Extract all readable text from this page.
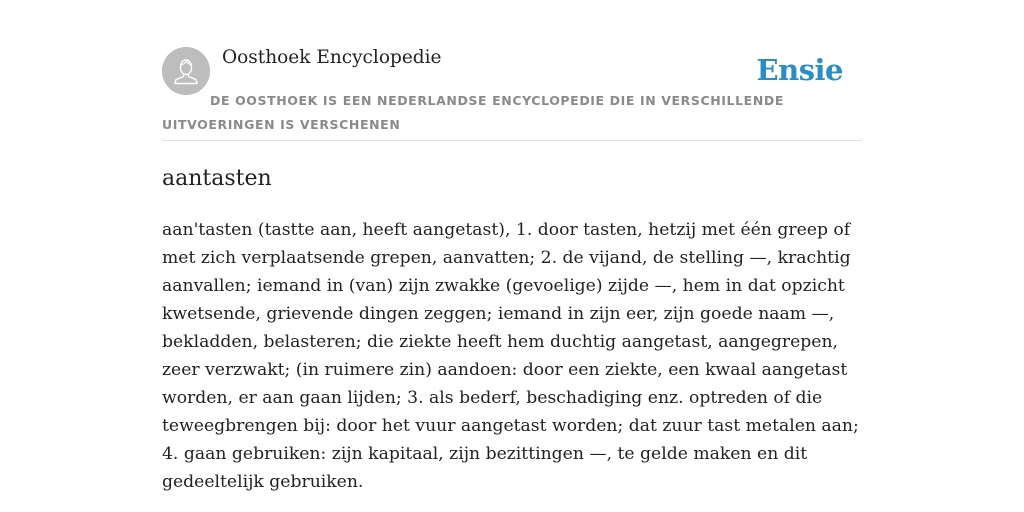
Oosthoek Encyclopedie	Ensie
DE OOSTHOEK IS EEN NEDERLANDSE ENCYCLOPEDIE DIE IN VERSCHILLENDE UITVOERINGEN IS VERSCHENEN
aantasten

aan'tasten (tastte aan, heeft aangetast), 1. door tasten, hetzij met één greep of met zich verplaatsende grepen, aanvatten; 2. de vijand, de stelling —, krachtig aanvallen; iemand in (van) zijn zwakke (gevoelige) zijde —, hem in dat opzicht kwetsende, grievende dingen zeggen; iemand in zijn eer, zijn goede naam —, bekladden, belasteren; die ziekte heeft hem duchtig aangetast, aangegrepen, zeer verzwakt; (in ruimere zin) aandoen: door een ziekte, een kwaal aangetast worden, er aan gaan lijden; 3. als bederf, beschadiging enz. optreden of die teweegbrengen bij: door het vuur aangetast worden; dat zuur tast metalen aan; 4. gaan gebruiken: zijn kapitaal, zijn bezittingen —, te gelde maken en dit gedeeltelijk gebruiken.
